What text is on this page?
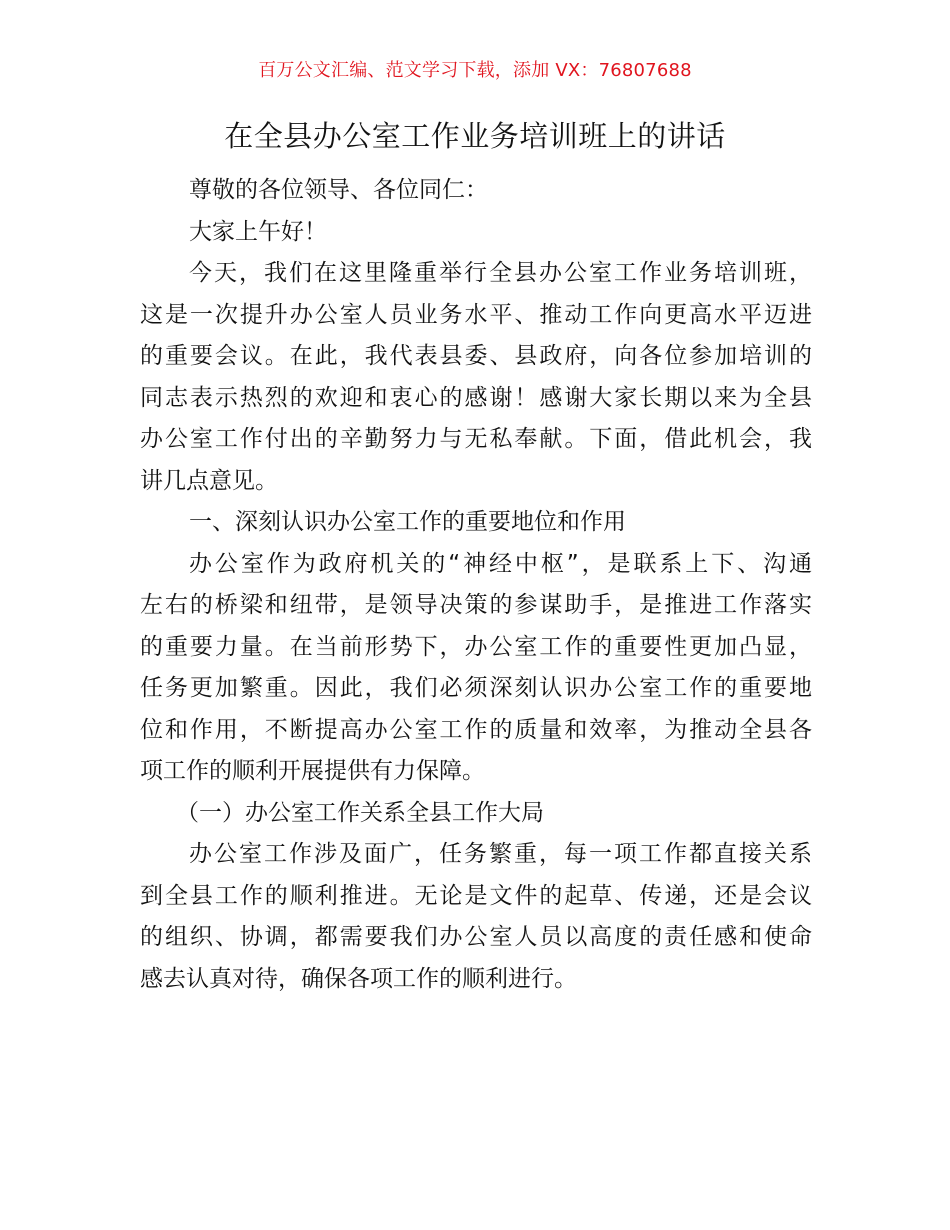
百万公文汇编、范文学习下载，添加 VX：76807688
在全县办公室工作业务培训班上的讲话
尊敬的各位领导、各位同仁：
大家上午好！
今天，我们在这里隆重举行全县办公室工作业务培训班，
这是一次提升办公室人员业务水平、推动工作向更高水平迈进
的重要会议。在此，我代表县委、县政府，向各位参加培训的
同志表示热烈的欢迎和衷心的感谢！感谢大家长期以来为全县
办公室工作付出的辛勤努力与无私奉献。下面，借此机会，我
讲几点意见。
一、深刻认识办公室工作的重要地位和作用
办公室作为政府机关的“神经中枢”，是联系上下、沟通
左右的桥梁和纽带，是领导决策的参谋助手，是推进工作落实
的重要力量。在当前形势下，办公室工作的重要性更加凸显，
任务更加繁重。因此，我们必须深刻认识办公室工作的重要地
位和作用，不断提高办公室工作的质量和效率，为推动全县各
项工作的顺利开展提供有力保障。
（一）办公室工作关系全县工作大局
办公室工作涉及面广，任务繁重，每一项工作都直接关系
到全县工作的顺利推进。无论是文件的起草、传递，还是会议
的组织、协调，都需要我们办公室人员以高度的责任感和使命
感去认真对待，确保各项工作的顺利进行。
